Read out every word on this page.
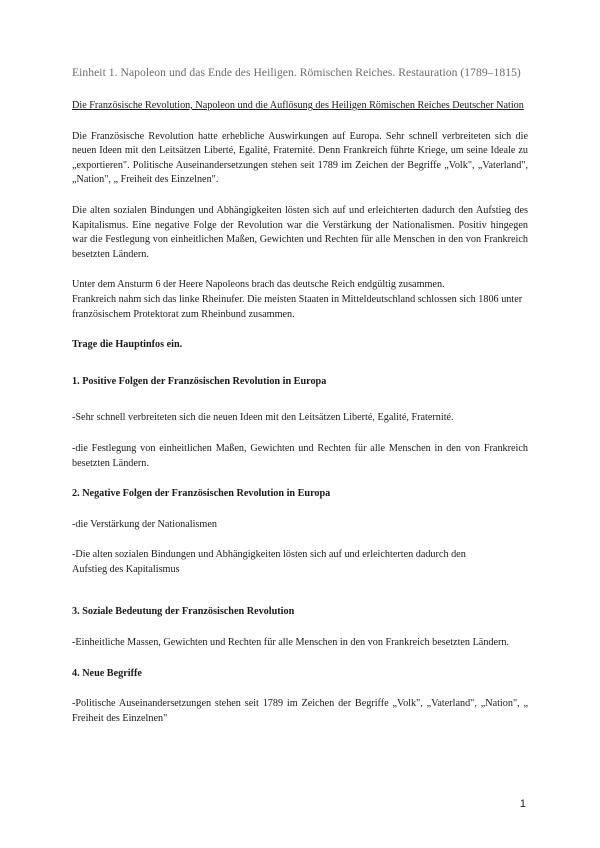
Einheit 1. Napoleon und das Ende des Heiligen. Römischen Reiches. Restauration (1789–1815)

Die Französische Revolution, Napoleon und die Auflösung des Heiligen Römischen Reiches Deutscher Nation

Die Französische Revolution hatte erhebliche Auswirkungen auf Europa. Sehr schnell verbreiteten sich die neuen Ideen mit den Leitsätzen Liberté, Egalité, Fraternité. Denn Frankreich führte Kriege, um seine Ideale zu „exportieren". Politische Auseinandersetzungen stehen seit 1789 im Zeichen der Begriffe „Volk", „Vaterland", „Nation", „ Freiheit des Einzelnen".

Die alten sozialen Bindungen und Abhängigkeiten lösten sich auf und erleichterten dadurch den Aufstieg des Kapitalismus. Eine negative Folge der Revolution war die Verstärkung der Nationalismen. Positiv hingegen war die Festlegung von einheitlichen Maßen, Gewichten und Rechten für alle Menschen in den von Frankreich besetzten Ländern.

Unter dem Ansturm 6 der Heere Napoleons brach das deutsche Reich endgültig zusammen.

Frankreich nahm sich das linke Rheinufer. Die meisten Staaten in Mitteldeutschland schlossen sich 1806 unter französischem Protektorat zum Rheinbund zusammen.

Trage die Hauptinfos ein.

1. Positive Folgen der Französischen Revolution in Europa

-Sehr schnell verbreiteten sich die neuen Ideen mit den Leitsätzen Liberté, Egalité, Fraternité.

-die Festlegung von einheitlichen Maßen, Gewichten und Rechten für alle Menschen in den von Frankreich besetzten Ländern.

2. Negative Folgen der Französischen Revolution in Europa

-die Verstärkung der Nationalismen

-Die alten sozialen Bindungen und Abhängigkeiten lösten sich auf und erleichterten dadurch den Aufstieg des Kapitalismus

3. Soziale Bedeutung der Französischen Revolution

-Einheitliche Massen, Gewichten und Rechten für alle Menschen in den von Frankreich besetzten Ländern.

4. Neue Begriffe

-Politische Auseinandersetzungen stehen seit 1789 im Zeichen der Begriffe „Volk", „Vaterland", „Nation", „ Freiheit des Einzelnen"

1
